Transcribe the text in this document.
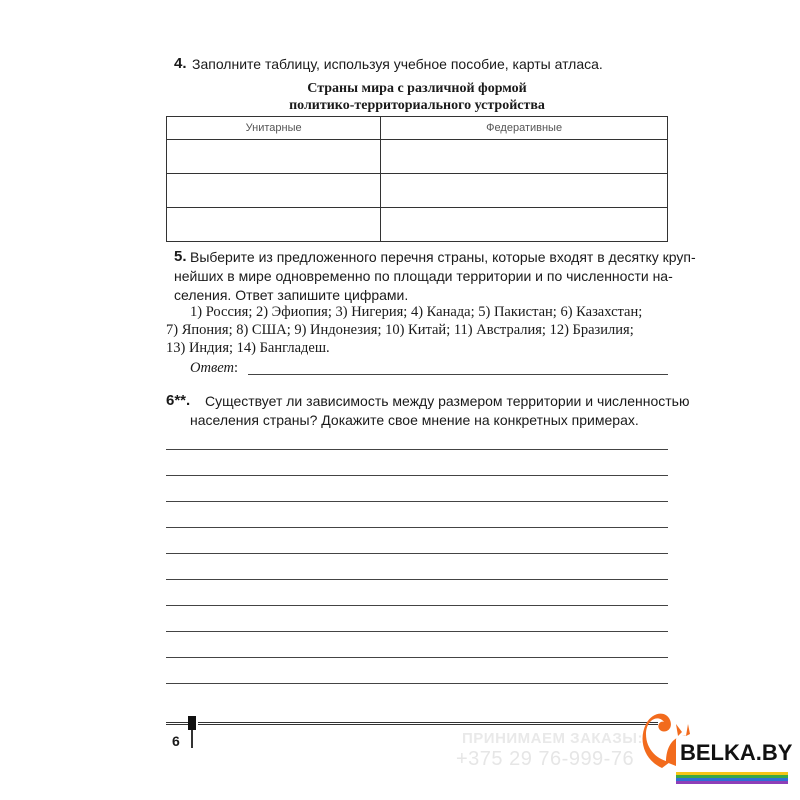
4. Заполните таблицу, используя учебное пособие, карты атласа.
Страны мира с различной формой
политико-территориального устройства
Унитарные	Федеративные

5. Выберите из предложенного перечня страны, которые входят в десятку круп-
нейших в мире одновременно по площади территории и по численности на-
селения. Ответ запишите цифрами.
1) Россия; 2) Эфиопия; 3) Нигерия; 4) Канада; 5) Пакистан; 6) Казахстан;
7) Япония; 8) США; 9) Индонезия; 10) Китай; 11) Австралия; 12) Бразилия;
13) Индия; 14) Бангладеш.
Ответ:
6**. Существует ли зависимость между размером территории и численностью
населения страны? Докажите свое мнение на конкретных примерах.
6	ПРИНИМАЕМ ЗАКАЗЫ:
+375 29 76-999-76 BELKA.BY
